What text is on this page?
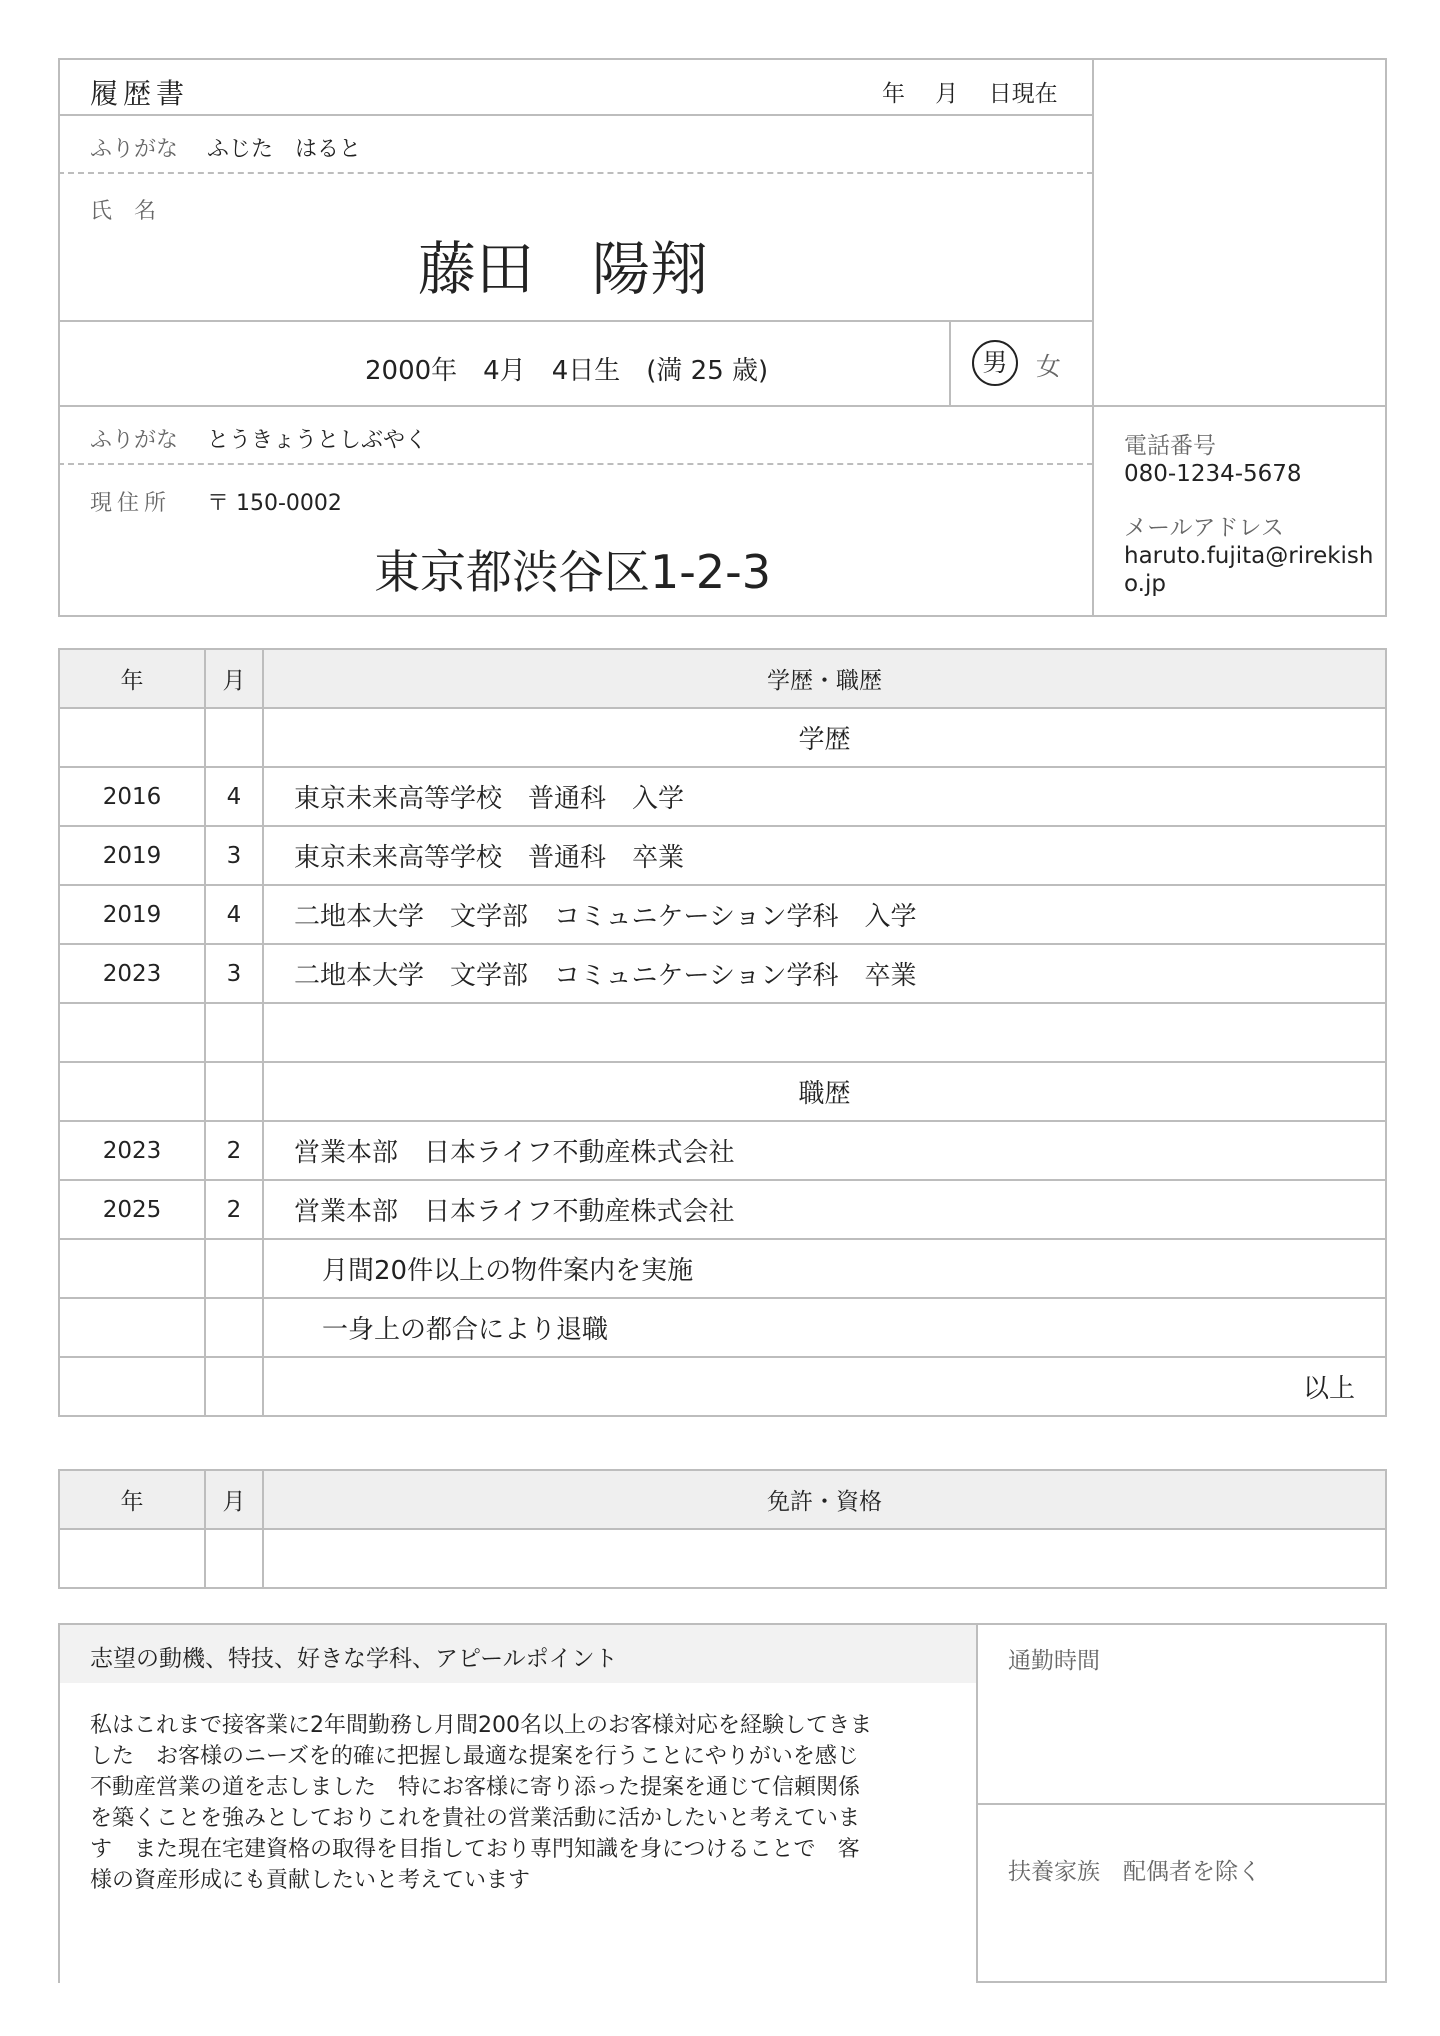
履歴書	年　 月　 日現在
ふりがな ふじた　はると
氏　名
藤田　陽翔
2000年　4月　4日生　(満 25 歳)	男	女
ふりがな とうきょうとしぶやく
現住所 〒 150-0002
東京都渋谷区1-2-3
電話番号
080-1234-5678
メールアドレス
haruto.fujita@rirekish
o.jp
年	月	学歴・職歴
		学歴
2016	4	東京未来高等学校　普通科　入学
2019	3	東京未来高等学校　普通科　卒業
2019	4	二地本大学　文学部　コミュニケーション学科　入学
2023	3	二地本大学　文学部　コミュニケーション学科　卒業

		職歴
2023	2	営業本部　日本ライフ不動産株式会社
2025	2	営業本部　日本ライフ不動産株式会社
		月間20件以上の物件案内を実施
		一身上の都合により退職
		以上
年	月	免許・資格

志望の動機、特技、好きな学科、アピールポイント
私はこれまで接客業に2年間勤務し月間200名以上のお客様対応を経験してきま
した　お客様のニーズを的確に把握し最適な提案を行うことにやりがいを感じ
不動産営業の道を志しました　特にお客様に寄り添った提案を通じて信頼関係
を築くことを強みとしておりこれを貴社の営業活動に活かしたいと考えていま
す　また現在宅建資格の取得を目指しており専門知識を身につけることで　客
様の資産形成にも貢献したいと考えています
通勤時間
扶養家族　配偶者を除く
